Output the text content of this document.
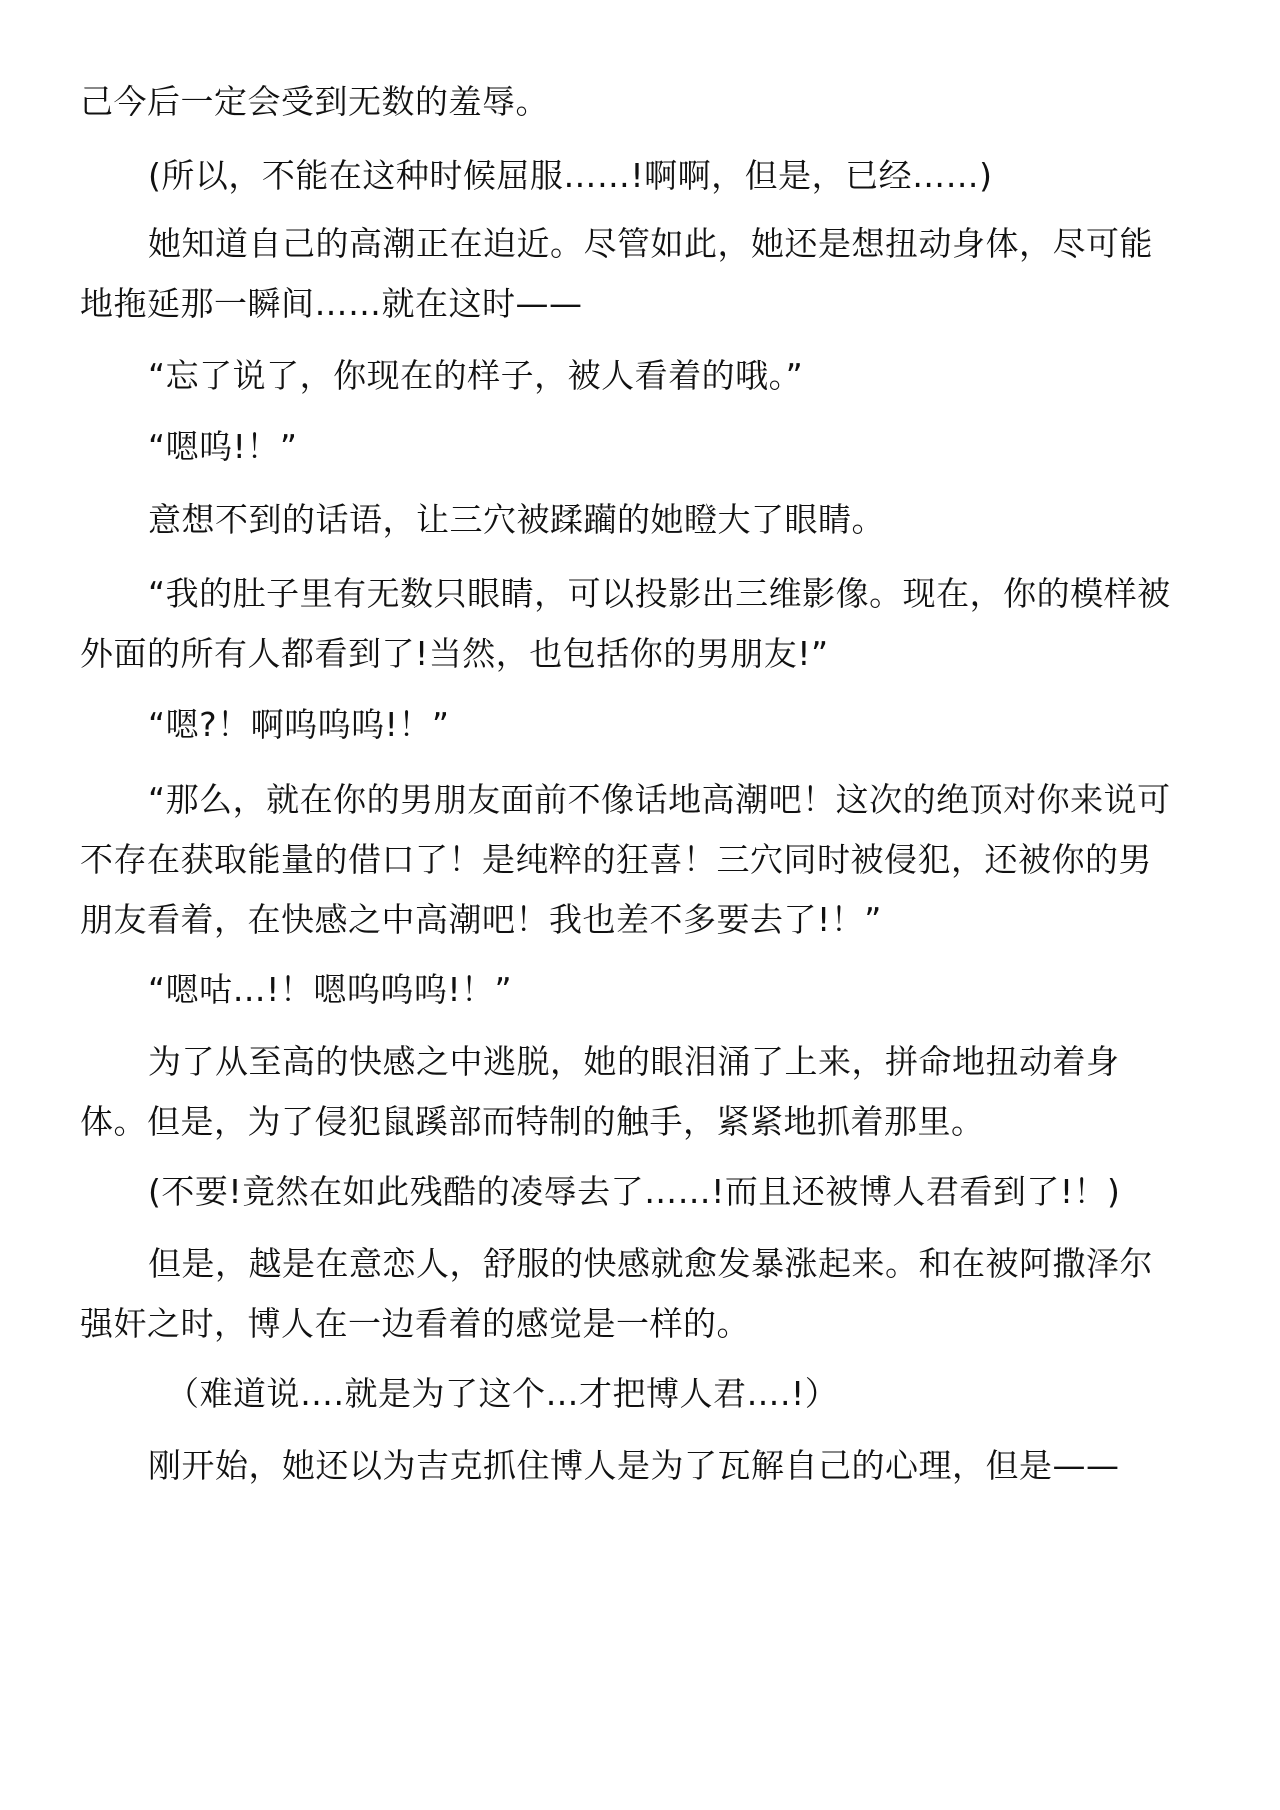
己今后一定会受到无数的羞辱。
(所以，不能在这种时候屈服……!啊啊，但是，已经……)
她知道自己的高潮正在迫近。尽管如此，她还是想扭动身体，尽可能
地拖延那一瞬间……就在这时——
“忘了说了，你现在的样子，被人看着的哦。”
“嗯呜!！”
意想不到的话语，让三穴被蹂躏的她瞪大了眼睛。
“我的肚子里有无数只眼睛，可以投影出三维影像。现在，你的模样被
外面的所有人都看到了!当然，也包括你的男朋友!”
“嗯?！啊呜呜呜!！”
“那么，就在你的男朋友面前不像话地高潮吧！这次的绝顶对你来说可
不存在获取能量的借口了！是纯粹的狂喜！三穴同时被侵犯，还被你的男
朋友看着，在快感之中高潮吧！我也差不多要去了!！”
“嗯咕…!！嗯呜呜呜!！”
为了从至高的快感之中逃脱，她的眼泪涌了上来，拼命地扭动着身
体。但是，为了侵犯鼠蹊部而特制的触手，紧紧地抓着那里。
(不要!竟然在如此残酷的凌辱去了……!而且还被博人君看到了!！)
但是，越是在意恋人，舒服的快感就愈发暴涨起来。和在被阿撒泽尔
强奸之时，博人在一边看着的感觉是一样的。
（难道说….就是为了这个…才把博人君….!）
刚开始，她还以为吉克抓住博人是为了瓦解自己的心理，但是——
